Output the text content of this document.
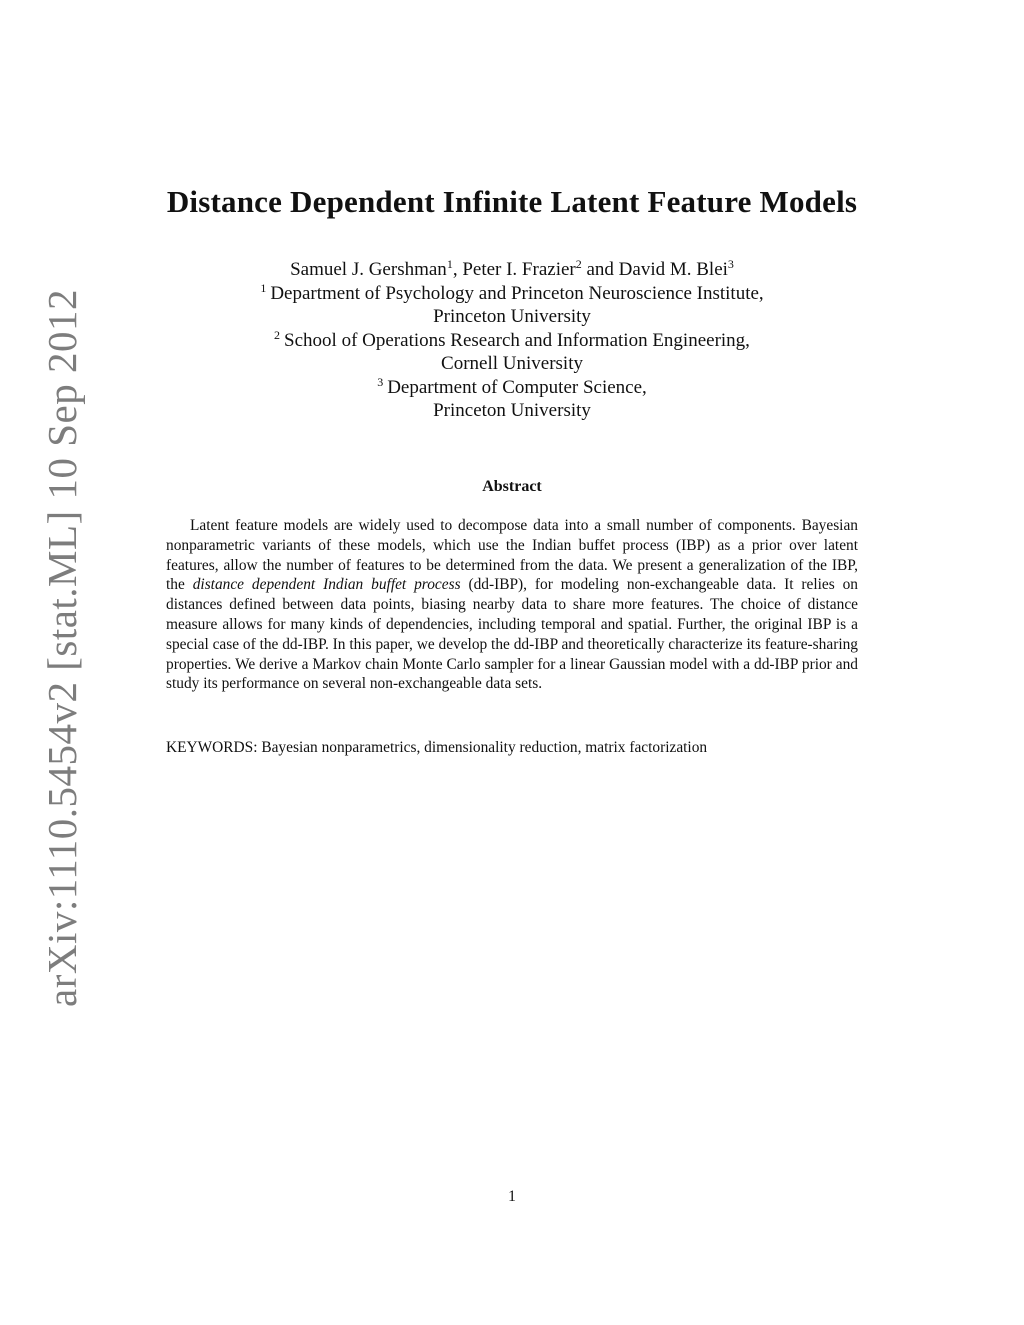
arXiv:1110.5454v2 [stat.ML] 10 Sep 2012
Distance Dependent Infinite Latent Feature Models
Samuel J. Gershman$^1$, Peter I. Frazier$^2$ and David M. Blei$^3$
$^1$ Department of Psychology and Princeton Neuroscience Institute,
Princeton University
$^2$ School of Operations Research and Information Engineering,
Cornell University
$^3$ Department of Computer Science,
Princeton University
Abstract

Latent feature models are widely used to decompose data into a small number of components. Bayesian nonparametric variants of these models, which use the Indian buffet process (IBP) as a prior over latent features, allow the number of features to be determined from the data. We present a generalization of the IBP, the distance dependent Indian buffet process (dd-IBP), for modeling non-exchangeable data. It relies on distances defined between data points, biasing nearby data to share more features. The choice of distance measure allows for many kinds of dependencies, including temporal and spatial. Further, the original IBP is a special case of the dd-IBP. In this paper, we develop the dd-IBP and theoretically characterize its feature-sharing properties. We derive a Markov chain Monte Carlo sampler for a linear Gaussian model with a dd-IBP prior and study its performance on several non-exchangeable data sets.

KEYWORDS: Bayesian nonparametrics, dimensionality reduction, matrix factorization

1
